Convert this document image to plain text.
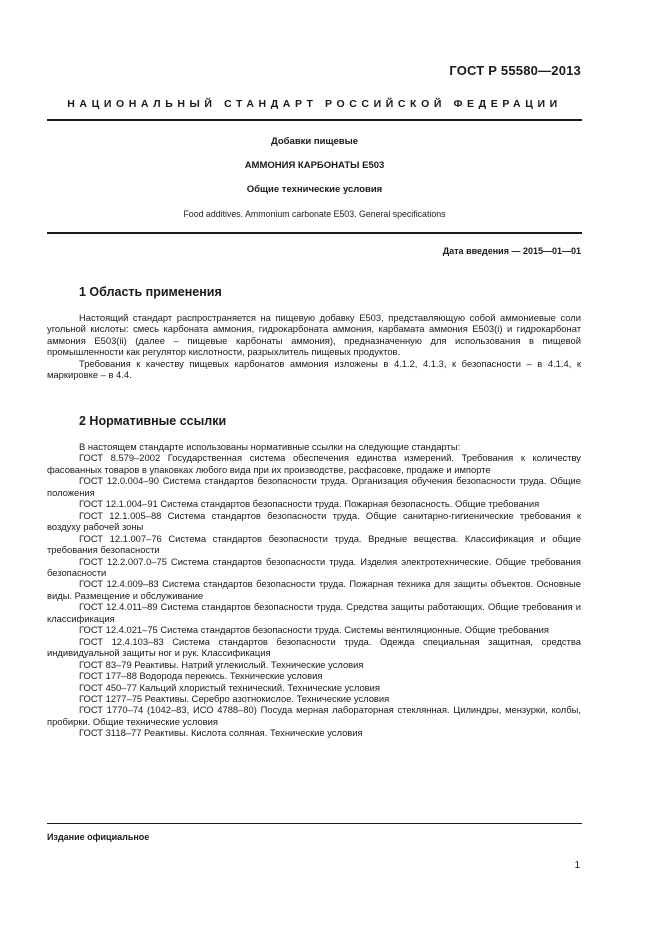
ГОСТ Р 55580—2013
НАЦИОНАЛЬНЫЙ СТАНДАРТ РОССИЙСКОЙ ФЕДЕРАЦИИ
Добавки пищевые
АММОНИЯ КАРБОНАТЫ Е503
Общие технические условия
Food additives. Ammonium carbonate E503. General specifications
Дата введения — 2015—01—01
1 Область применения

Настоящий стандарт распространяется на пищевую добавку Е503, представляющую собой аммониевые соли угольной кислоты: смесь карбоната аммония, гидрокарбоната аммония, карбамата аммония Е503(i) и гидрокарбонат аммония Е503(ii) (далее – пищевые карбонаты аммония), предназначенную для использования в пищевой промышленности как регулятор кислотности, разрыхлитель пищевых продуктов.

Требования к качеству пищевых карбонатов аммония изложены в 4.1.2, 4.1.3, к безопасности – в 4.1.4, к маркировке – в 4.4.

2 Нормативные ссылки

В настоящем стандарте использованы нормативные ссылки на следующие стандарты:

ГОСТ 8.579–2002 Государственная система обеспечения единства измерений. Требования к количеству фасованных товаров в упаковках любого вида при их производстве, расфасовке, продаже и импорте

ГОСТ 12.0.004–90 Система стандартов безопасности труда. Организация обучения безопасности труда. Общие положения

ГОСТ 12.1.004–91 Система стандартов безопасности труда. Пожарная безопасность. Общие требования

ГОСТ 12.1.005–88 Система стандартов безопасности труда. Общие санитарно-гигиенические требования к воздуху рабочей зоны

ГОСТ 12.1.007–76 Система стандартов безопасности труда. Вредные вещества. Классификация и общие требования безопасности

ГОСТ 12.2.007.0–75 Система стандартов безопасности труда. Изделия электротехнические. Общие требования безопасности

ГОСТ 12.4.009–83 Система стандартов безопасности труда. Пожарная техника для защиты объектов. Основные виды. Размещение и обслуживание

ГОСТ 12.4.011–89 Система стандартов безопасности труда. Средства защиты работающих. Общие требования и классификация

ГОСТ 12.4.021–75 Система стандартов безопасности труда. Системы вентиляционные. Общие требования

ГОСТ 12.4.103–83 Система стандартов безопасности труда. Одежда специальная защитная, средства индивидуальной защиты ног и рук. Классификация

ГОСТ 83–79 Реактивы. Натрий углекислый. Технические условия

ГОСТ 177–88 Водорода перекись. Технические условия

ГОСТ 450–77 Кальций хлористый технический. Технические условия

ГОСТ 1277–75 Реактивы. Серебро азотнокислое. Технические условия

ГОСТ 1770–74 (1042–83, ИСО 4788–80) Посуда мерная лабораторная стеклянная. Цилиндры, мензурки, колбы, пробирки. Общие технические условия

ГОСТ 3118–77 Реактивы. Кислота соляная. Технические условия

Издание официальное
1
